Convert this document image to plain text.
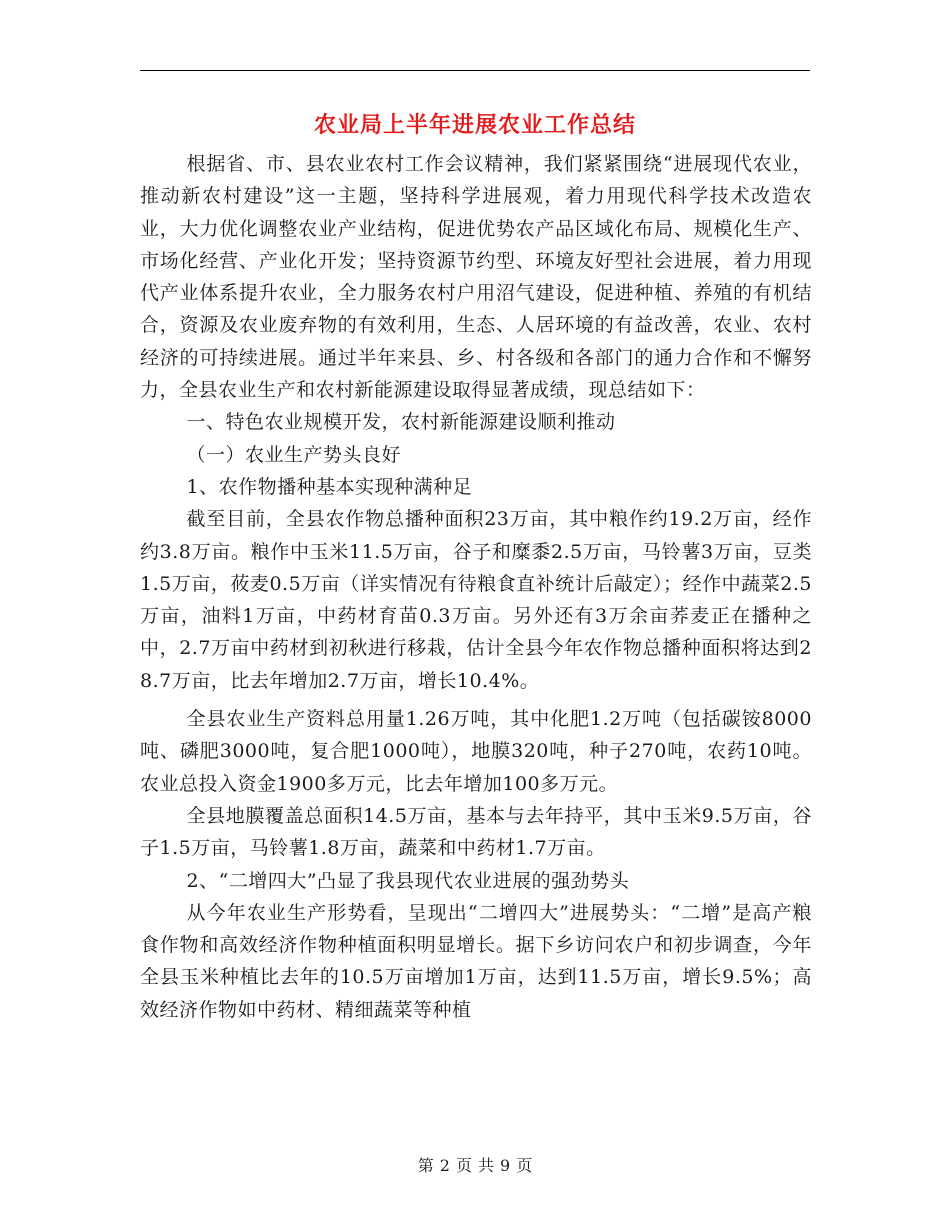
农业局上半年进展农业工作总结

根据省、市、县农业农村工作会议精神，我们紧紧围绕“进展现代农业，推动新农村建设”这一主题，坚持科学进展观，着力用现代科学技术改造农业，大力优化调整农业产业结构，促进优势农产品区域化布局、规模化生产、市场化经营、产业化开发；坚持资源节约型、环境友好型社会进展，着力用现代产业体系提升农业，全力服务农村户用沼气建设，促进种植、养殖的有机结合，资源及农业废弃物的有效利用，生态、人居环境的有益改善，农业、农村经济的可持续进展。通过半年来县、乡、村各级和各部门的通力合作和不懈努力，全县农业生产和农村新能源建设取得显著成绩，现总结如下：

一、特色农业规模开发，农村新能源建设顺利推动

（一）农业生产势头良好

1、农作物播种基本实现种满种足

截至目前，全县农作物总播种面积23万亩，其中粮作约19.2万亩，经作约3.8万亩。粮作中玉米11.5万亩，谷子和糜黍2.5万亩，马铃薯3万亩，豆类1.5万亩，莜麦0.5万亩（详实情况有待粮食直补统计后敲定）；经作中蔬菜2.5万亩，油料1万亩，中药材育苗0.3万亩。另外还有3万余亩荞麦正在播种之中，2.7万亩中药材到初秋进行移栽，估计全县今年农作物总播种面积将达到28.7万亩，比去年增加2.7万亩，增长10.4%。

全县农业生产资料总用量1.26万吨，其中化肥1.2万吨（包括碳铵8000吨、磷肥3000吨，复合肥1000吨），地膜320吨，种子270吨，农药10吨。农业总投入资金1900多万元，比去年增加100多万元。

全县地膜覆盖总面积14.5万亩，基本与去年持平，其中玉米9.5万亩，谷子1.5万亩，马铃薯1.8万亩，蔬菜和中药材1.7万亩。

2、“二增四大”凸显了我县现代农业进展的强劲势头

从今年农业生产形势看，呈现出“二增四大”进展势头：“二增”是高产粮食作物和高效经济作物种植面积明显增长。据下乡访问农户和初步调查，今年全县玉米种植比去年的10.5万亩增加1万亩，达到11.5万亩，增长9.5%；高效经济作物如中药材、精细蔬菜等种植

第 2 页 共 9 页
